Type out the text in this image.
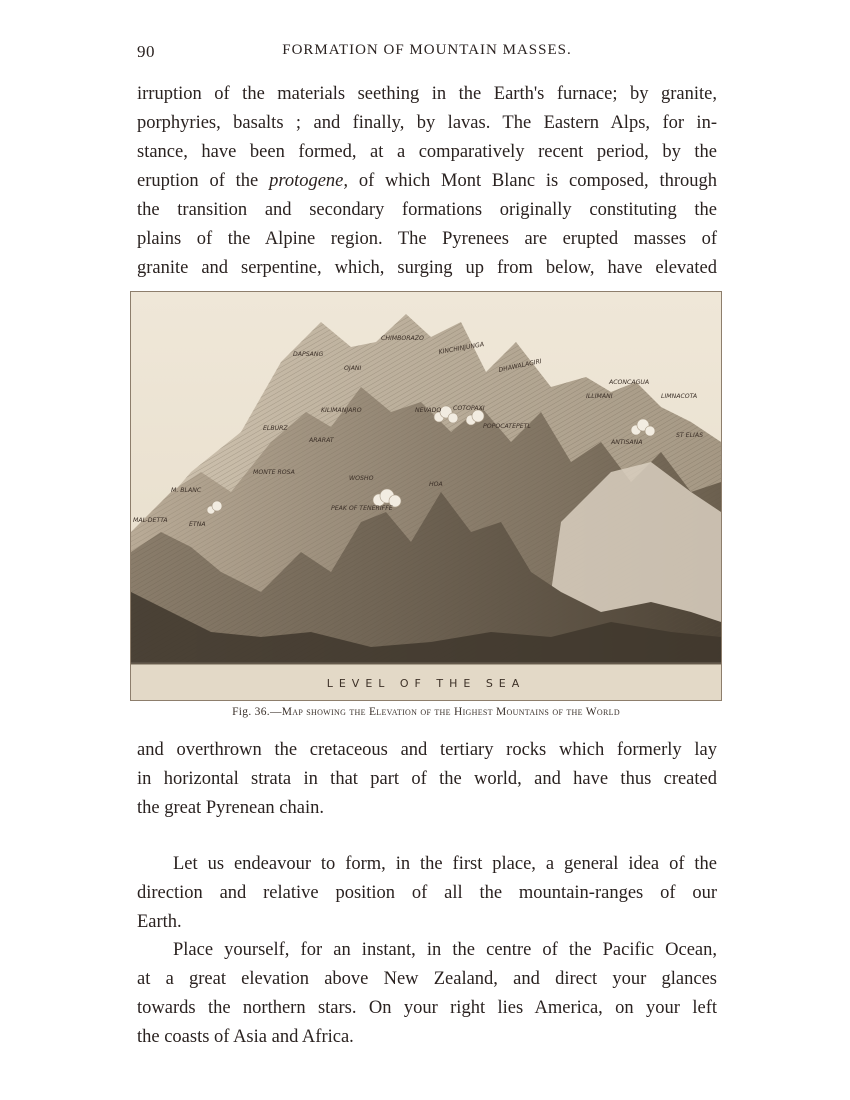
90	FORMATION OF MOUNTAIN MASSES.

irruption of the materials seething in the Earth's furnace; by granite,
porphyries, basalts ; and finally, by lavas. The Eastern Alps, for in-
stance, have been formed, at a comparatively recent period, by the
eruption of the protogene, of which Mont Blanc is composed, through
the transition and secondary formations originally constituting the
plains of the Alpine region. The Pyrenees are erupted masses of
granite and serpentine, which, surging up from below, have elevated

DAPSANG
CHIMBORAZO
KINCHINJUNGA
DHAWALAGIRI
ACONCAGUA
ILLIMANI	LIMNACOTA
OJANI
KILIMANJARO
ELBURZ
ARARAT
NEVADO
POPOCATEPETL
COTOPAXI
ST ELIAS
ANTISANA
MONTE ROSA
M. BLANC
MAL-DETTA
ETNA
WOSHO
HOA
PEAK OF TENERIFFE
LEVEL OF THE SEA
Fig. 36.—Map showing the Elevation of the Highest Mountains of the World

and overthrown the cretaceous and tertiary rocks which formerly lay
in horizontal strata in that part of the world, and have thus created
the great Pyrenean chain.

Let us endeavour to form, in the first place, a general idea of the
direction and relative position of all the mountain-ranges of our
Earth.

Place yourself, for an instant, in the centre of the Pacific Ocean,
at a great elevation above New Zealand, and direct your glances
towards the northern stars. On your right lies America, on your left
the coasts of Asia and Africa.
